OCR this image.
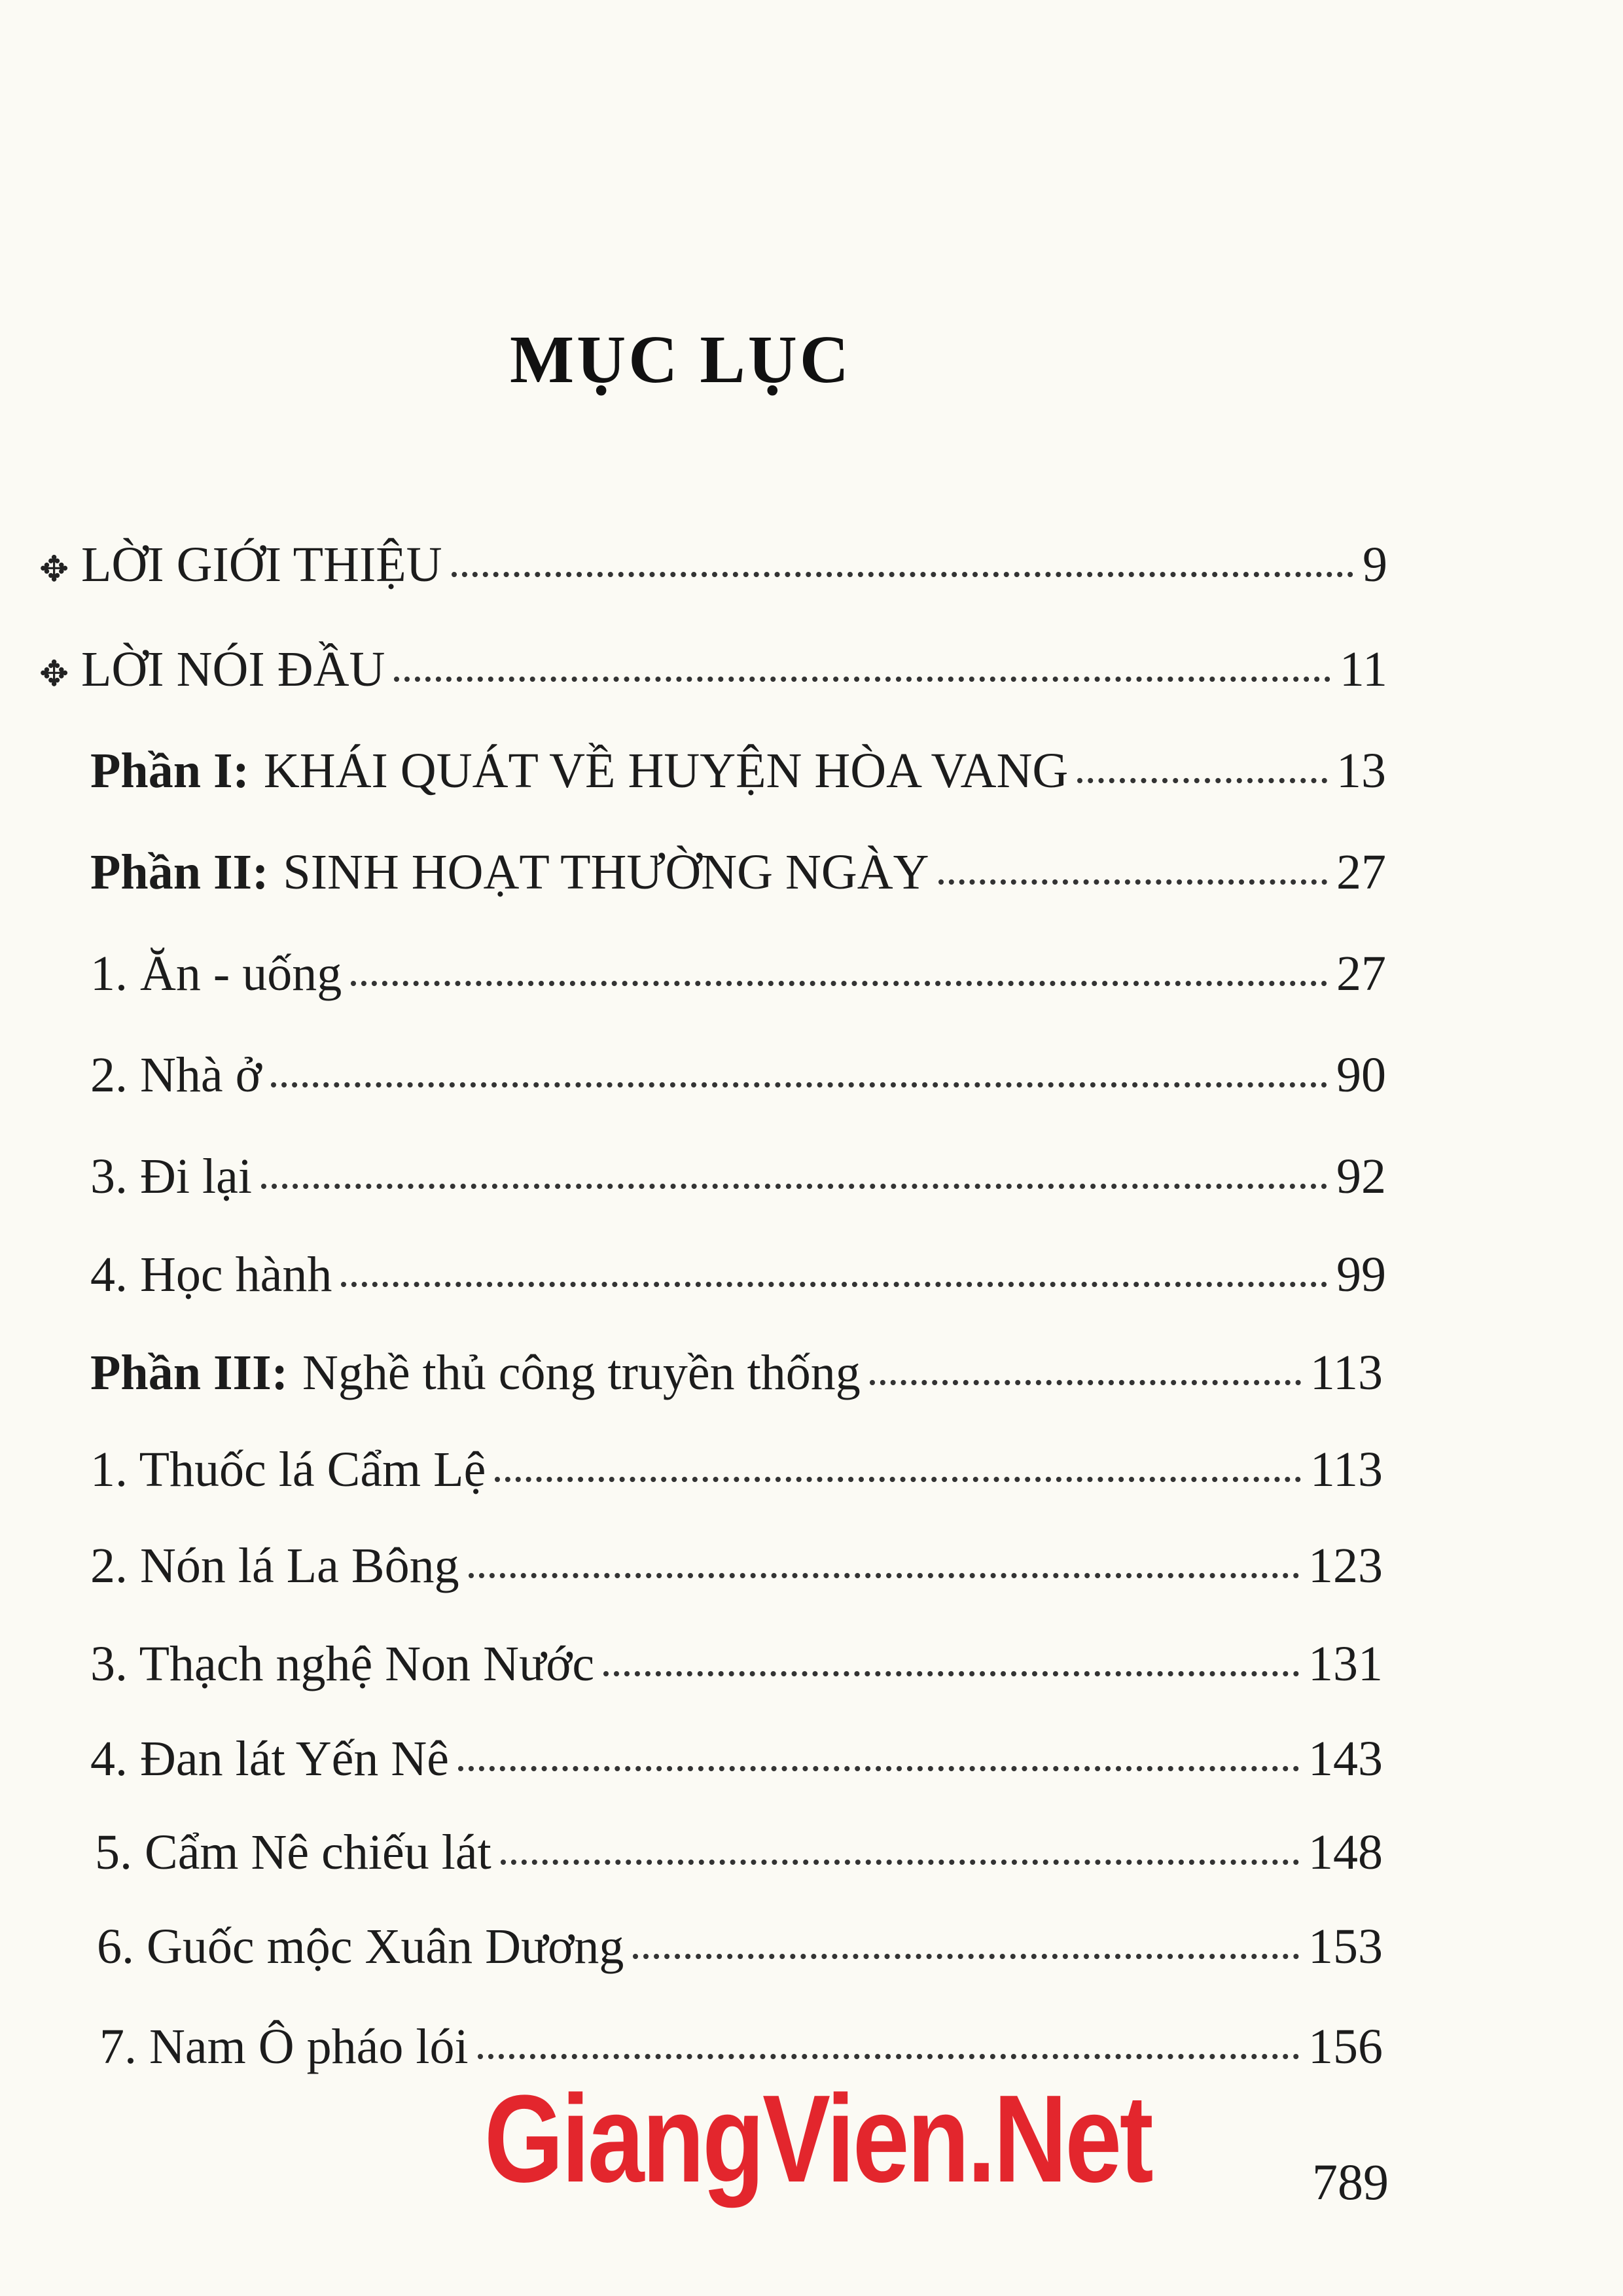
MỤC LỤC
✥ LỜI GIỚI THIỆU	9
✥ LỜI NÓI ĐẦU	11
Phần I: KHÁI QUÁT VỀ HUYỆN HÒA VANG	13
Phần II: SINH HOẠT THƯỜNG NGÀY	27
1. Ăn - uống	27
2. Nhà ở	90
3. Đi lại	92
4. Học hành	99
Phần III: Nghề thủ công truyền thống	113
1. Thuốc lá Cẩm Lệ	113
2. Nón lá La Bông	123
3. Thạch nghệ Non Nước	131
4. Đan lát Yến Nê	143
5. Cẩm Nê chiếu lát	148
6. Guốc mộc Xuân Dương	153
7. Nam Ô pháo lói	156
GiangVien.Net	789
